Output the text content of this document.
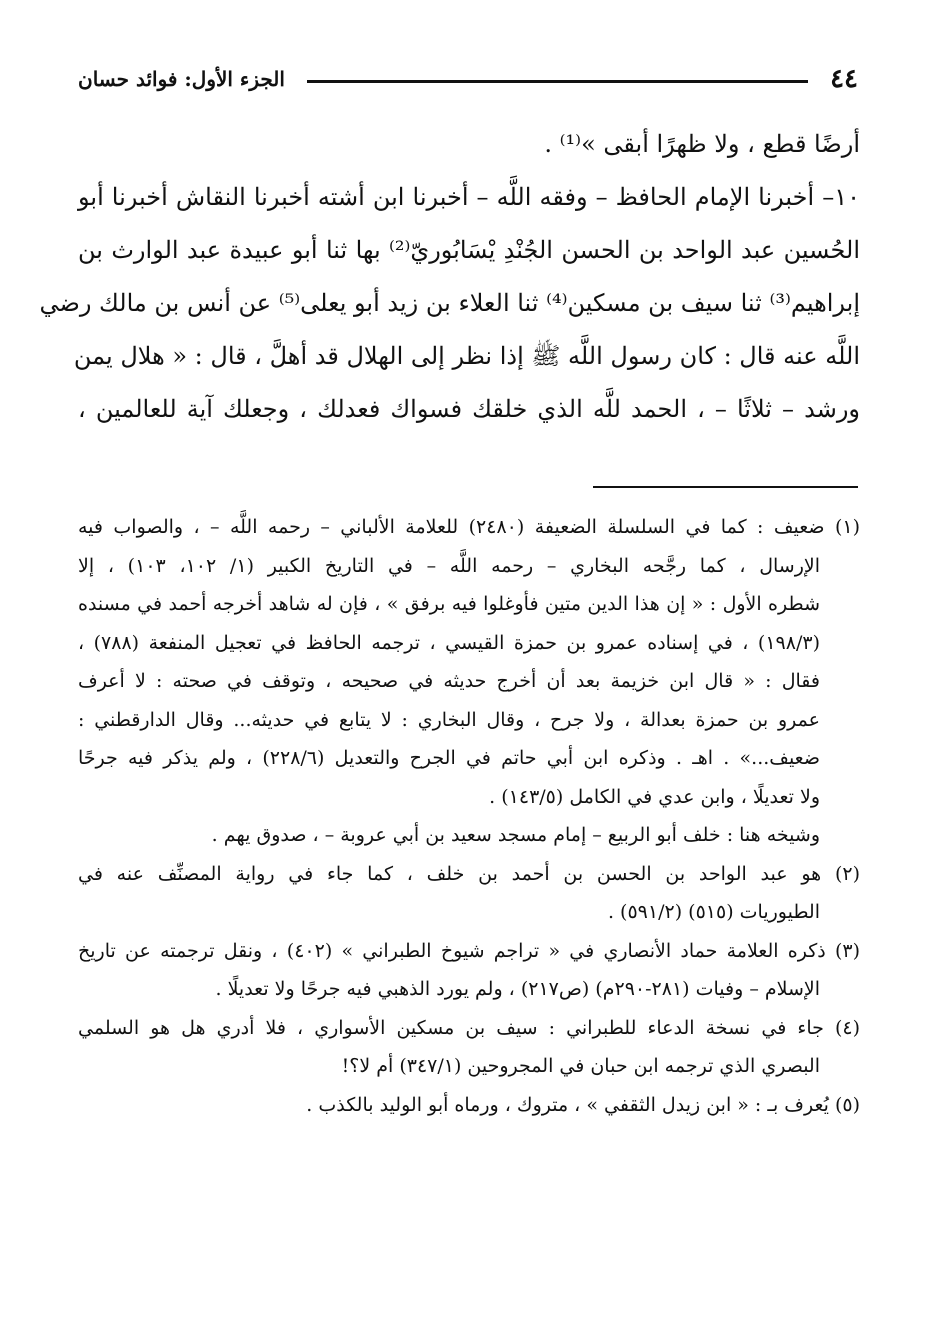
٤٤
الجزء الأول: فوائد حسان
أرضًا قطع ، ولا ظهرًا أبقى »⁽¹⁾ .
١٠– أخبرنا الإمام الحافظ – وفقه اللَّه – أخبرنا ابن أشته أخبرنا النقاش أخبرنا أبو
الحُسين عبد الواحد بن الحسن الجُنْدِ يْسَابُوريّ⁽²⁾ بها ثنا أبو عبيدة عبد الوارث بن
إبراهيم⁽³⁾ ثنا سيف بن مسكين⁽⁴⁾ ثنا العلاء بن زيد أبو يعلى⁽⁵⁾ عن أنس بن مالك رضي
اللَّه عنه قال : كان رسول اللَّه ﷺ إذا نظر إلى الهلال قد أهلَّ ، قال : « هلال يمن
ورشد – ثلاثًا – ، الحمد للَّه الذي خلقك فسواك فعدلك ، وجعلك آية للعالمين ،
(١) ضعيف : كما في السلسلة الضعيفة (٢٤٨٠) للعلامة الألباني – رحمه اللَّه – ، والصواب فيه
الإرسال ، كما رجَّحه البخاري – رحمه اللَّه – في التاريخ الكبير (١/ ١٠٢، ١٠٣) ، إلا
شطره الأول : « إن هذا الدين متين فأوغلوا فيه برفق » ، فإن له شاهد أخرجه أحمد في مسنده
(١٩٨/٣) ، في إسناده عمرو بن حمزة القيسي ، ترجمه الحافظ في تعجيل المنفعة (٧٨٨) ،
فقال : « قال ابن خزيمة بعد أن أخرج حديثه في صحيحه ، وتوقف في صحته : لا أعرف
عمرو بن حمزة بعدالة ، ولا جرح ، وقال البخاري : لا يتابع في حديثه... وقال الدارقطني :
ضعيف...» . اهـ . وذكره ابن أبي حاتم في الجرح والتعديل (٢٢٨/٦) ، ولم يذكر فيه جرحًا
ولا تعديلًا ، وابن عدي في الكامل (١٤٣/٥) .
وشيخه هنا : خلف أبو الربيع – إمام مسجد سعيد بن أبي عروبة – ، صدوق يهم .
(٢) هو عبد الواحد بن الحسن بن أحمد بن خلف ، كما جاء في رواية المصنِّف عنه في
الطيوريات (٥١٥) (٥٩١/٢) .
(٣) ذكره العلامة حماد الأنصاري في « تراجم شيوخ الطبراني » (٤٠٢) ، ونقل ترجمته عن تاريخ
الإسلام – وفيات (٢٨١-٢٩٠م) (ص٢١٧) ، ولم يورد الذهبي فيه جرحًا ولا تعديلًا .
(٤) جاء في نسخة الدعاء للطبراني : سيف بن مسكين الأسواري ، فلا أدري هل هو السلمي
البصري الذي ترجمه ابن حبان في المجروحين (٣٤٧/١) أم لا؟!
(٥) يُعرف بـ : « ابن زيدل الثقفي » ، متروك ، ورماه أبو الوليد بالكذب .
